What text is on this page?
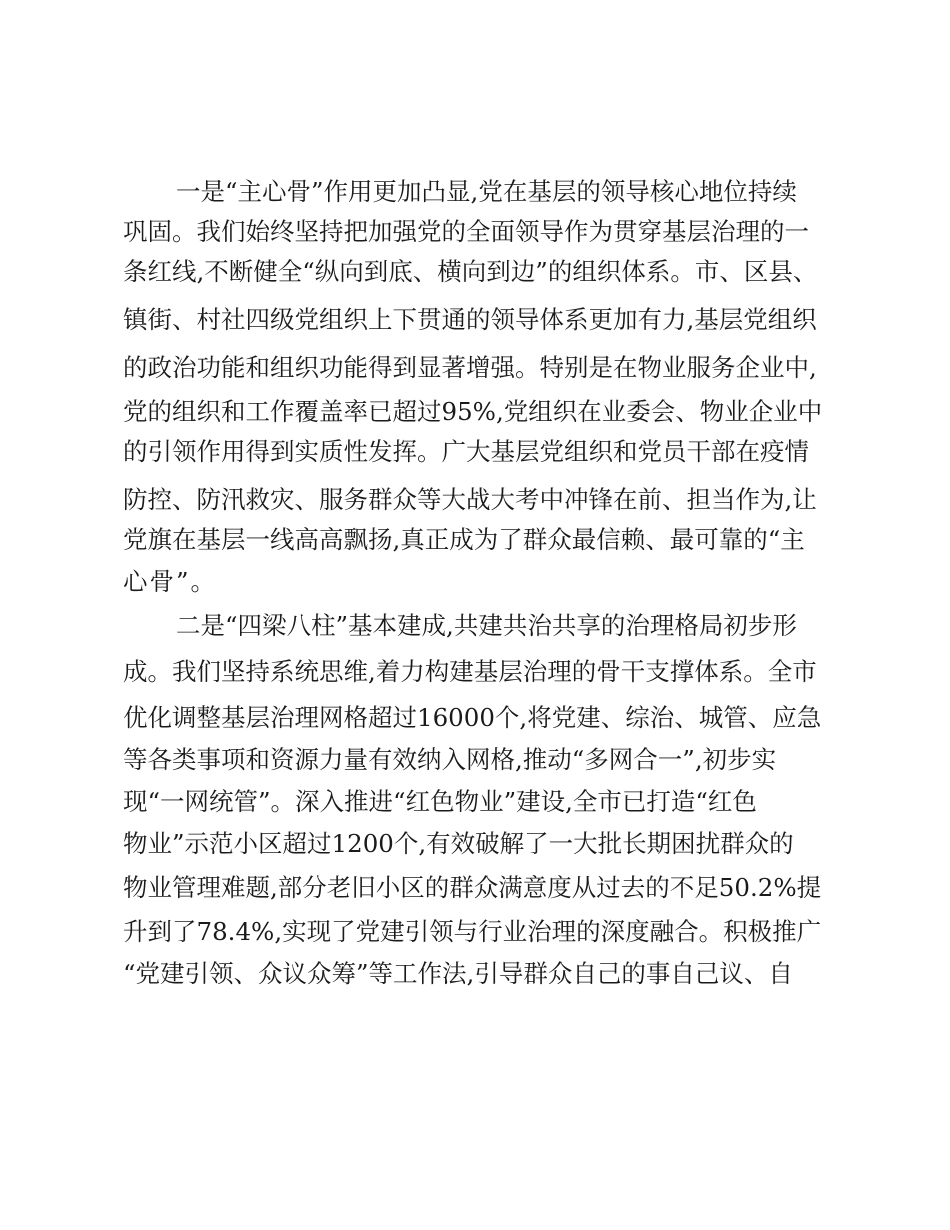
一是“主心骨”作用更加凸显,党在基层的领导核心地位持续

巩固。我们始终坚持把加强党的全面领导作为贯穿基层治理的一

条红线,不断健全“纵向到底、横向到边”的组织体系。市、区县、

镇街、村社四级党组织上下贯通的领导体系更加有力,基层党组织

的政治功能和组织功能得到显著增强。特别是在物业服务企业中,

党的组织和工作覆盖率已超过95%,党组织在业委会、物业企业中

的引领作用得到实质性发挥。广大基层党组织和党员干部在疫情

防控、防汛救灾、服务群众等大战大考中冲锋在前、担当作为,让

党旗在基层一线高高飘扬,真正成为了群众最信赖、最可靠的“主

心骨”。

二是“四梁八柱”基本建成,共建共治共享的治理格局初步形

成。我们坚持系统思维,着力构建基层治理的骨干支撑体系。全市

优化调整基层治理网格超过16000个,将党建、综治、城管、应急

等各类事项和资源力量有效纳入网格,推动“多网合一”,初步实

现“一网统管”。深入推进“红色物业”建设,全市已打造“红色

物业”示范小区超过1200个,有效破解了一大批长期困扰群众的

物业管理难题,部分老旧小区的群众满意度从过去的不足50.2%提

升到了78.4%,实现了党建引领与行业治理的深度融合。积极推广

“党建引领、众议众筹”等工作法,引导群众自己的事自己议、自
